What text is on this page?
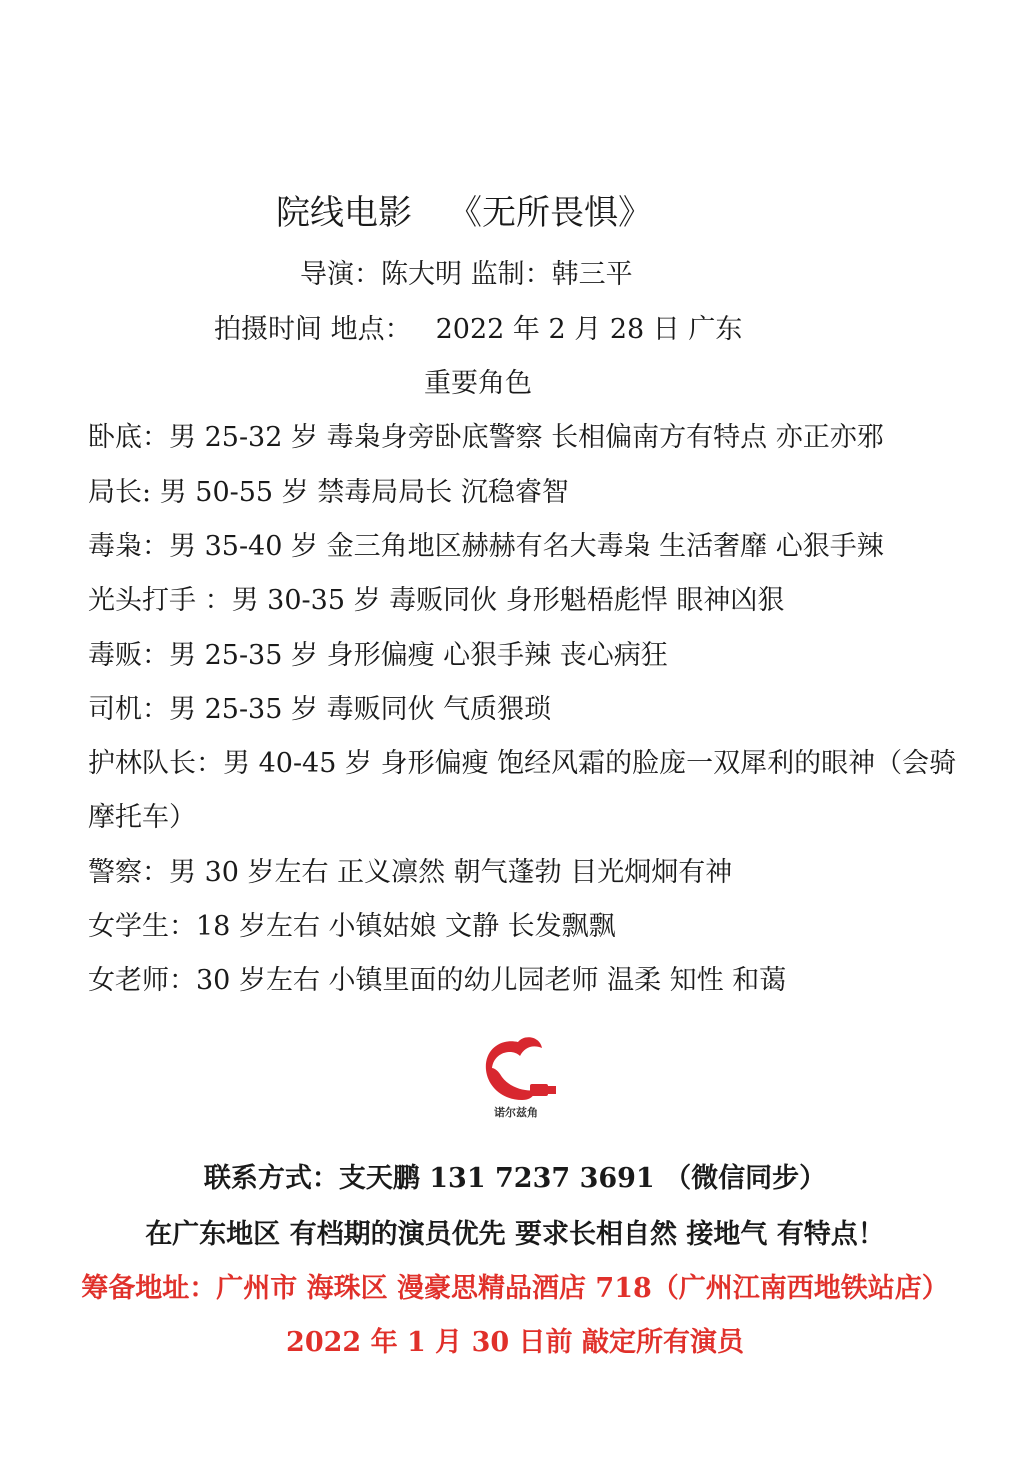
院线电影 《无所畏惧》
导演：陈大明 监制：韩三平
拍摄时间 地点： 2022 年 2 月 28 日 广东
重要角色
卧底：男 25-32 岁 毒枭身旁卧底警察 长相偏南方有特点 亦正亦邪
局长: 男 50-55 岁 禁毒局局长 沉稳睿智
毒枭：男 35-40 岁 金三角地区赫赫有名大毒枭 生活奢靡 心狠手辣
光头打手 ：男 30-35 岁 毒贩同伙 身形魁梧彪悍 眼神凶狠
毒贩：男 25-35 岁 身形偏瘦 心狠手辣 丧心病狂
司机：男 25-35 岁 毒贩同伙 气质猥琐
护林队长：男 40-45 岁 身形偏瘦 饱经风霜的脸庞一双犀利的眼神（会骑摩托车）
警察：男 30 岁左右 正义凛然 朝气蓬勃 目光炯炯有神
女学生：18 岁左右 小镇姑娘 文静 长发飘飘
女老师：30 岁左右 小镇里面的幼儿园老师 温柔 知性 和蔼
诺尔兹角
联系方式：支天鹏 131 7237 3691 （微信同步）
在广东地区 有档期的演员优先 要求长相自然 接地气 有特点！
筹备地址：广州市 海珠区 漫豪思精品酒店 718（广州江南西地铁站店）
2022 年 1 月 30 日前 敲定所有演员
